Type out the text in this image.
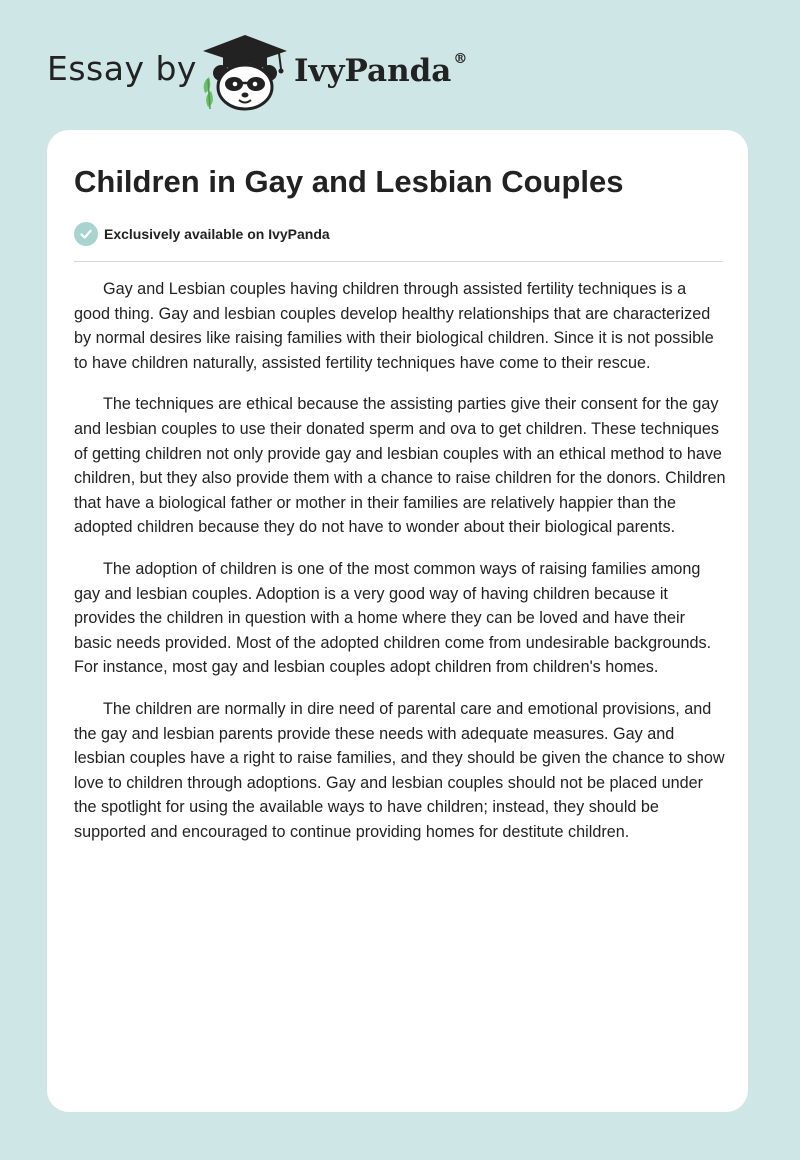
Essay by	IvyPanda ®
Children in Gay and Lesbian Couples
Exclusively available on IvyPanda

Gay and Lesbian couples having children through assisted fertility techniques is a good thing. Gay and lesbian couples develop healthy relationships that are characterized by normal desires like raising families with their biological children. Since it is not possible to have children naturally, assisted fertility techniques have come to their rescue.

The techniques are ethical because the assisting parties give their consent for the gay and lesbian couples to use their donated sperm and ova to get children. These techniques of getting children not only provide gay and lesbian couples with an ethical method to have children, but they also provide them with a chance to raise children for the donors. Children that have a biological father or mother in their families are relatively happier than the adopted children because they do not have to wonder about their biological parents.

The adoption of children is one of the most common ways of raising families among gay and lesbian couples. Adoption is a very good way of having children because it provides the children in question with a home where they can be loved and have their basic needs provided. Most of the adopted children come from undesirable backgrounds. For instance, most gay and lesbian couples adopt children from children's homes.

The children are normally in dire need of parental care and emotional provisions, and the gay and lesbian parents provide these needs with adequate measures. Gay and lesbian couples have a right to raise families, and they should be given the chance to show love to children through adoptions. Gay and lesbian couples should not be placed under the spotlight for using the available ways to have children; instead, they should be supported and encouraged to continue providing homes for destitute children.
